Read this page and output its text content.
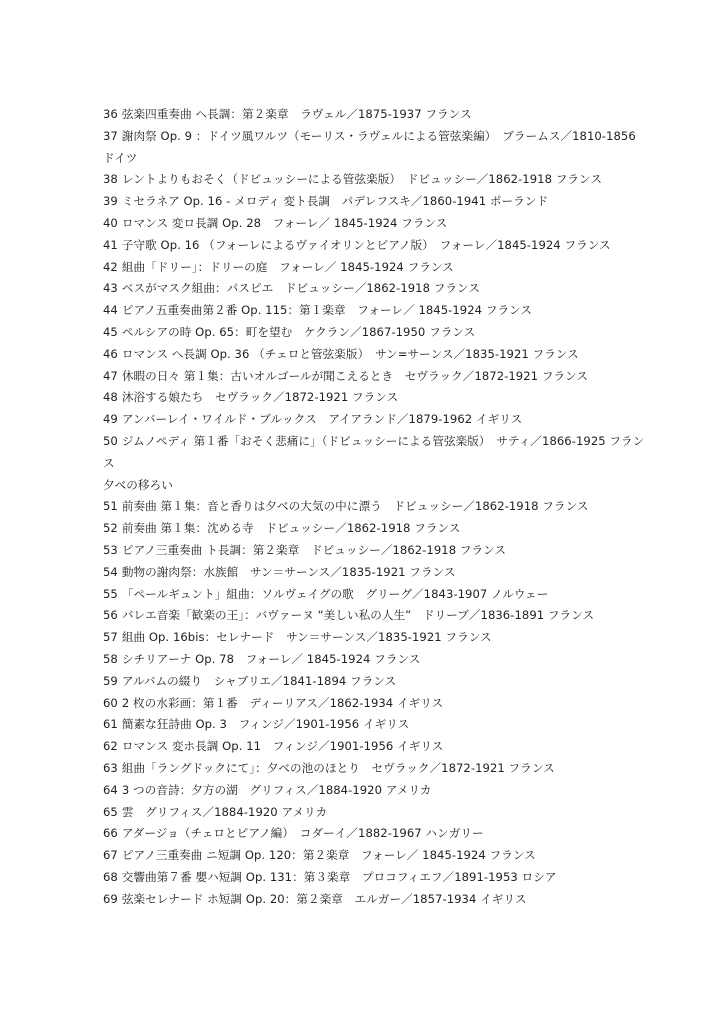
36 弦楽四重奏曲 へ長調：第２楽章　ラヴェル／1875-1937 フランス
37 謝肉祭 Op. 9 ：ドイツ風ワルツ（モーリス・ラヴェルによる管弦楽編）　ブラームス／1810-1856
ドイツ
38 レントよりもおそく（ドビュッシーによる管弦楽版）　ドビュッシー／1862-1918 フランス
39 ミセラネア Op. 16 - メロディ 変ト長調　パデレフスキ／1860-1941 ポーランド
40 ロマンス 変ロ長調 Op. 28　フォーレ／ 1845-1924 フランス
41 子守歌 Op. 16 （フォーレによるヴァイオリンとピアノ版）　フォーレ／1845-1924 フランス
42 組曲「ドリー」：ドリーの庭　フォーレ／ 1845-1924 フランス
43 ベスがマスク組曲：パスピエ　ドビュッシー／1862-1918 フランス
44 ピアノ五重奏曲第２番 Op. 115：第１楽章　フォーレ／ 1845-1924 フランス
45 ペルシアの時 Op. 65：町を望む　ケクラン／1867-1950 フランス
46 ロマンス へ長調 Op. 36 （チェロと管弦楽版）　サン=サーンス／1835-1921 フランス
47 休暇の日々 第１集：古いオルゴールが聞こえるとき　セヴラック／1872-1921 フランス
48 沐浴する娘たち　セヴラック／1872-1921 フランス
49 アンバーレイ・ワイルド・ブルックス　アイアランド／1879-1962 イギリス
50 ジムノペディ 第１番「おそく悲痛に」（ドビュッシーによる管弦楽版）　サティ／1866-1925 フラン
ス
夕べの移ろい
51 前奏曲 第１集：音と香りは夕べの大気の中に漂う　ドビュッシー／1862-1918 フランス
52 前奏曲 第１集：沈める寺　ドビュッシー／1862-1918 フランス
53 ピアノ三重奏曲 ト長調：第２楽章　ドビュッシー／1862-1918 フランス
54 動物の謝肉祭：水族館　サン＝サーンス／1835-1921 フランス
55 「ペールギュント」組曲：ソルヴェイグの歌　グリーグ／1843-1907 ノルウェー
56 バレエ音楽「歓楽の王」：バヴァーヌ “美しい私の人生”　ドリーブ／1836-1891 フランス
57 組曲 Op. 16bis：セレナード　サン＝サーンス／1835-1921 フランス
58 シチリアーナ Op. 78　フォーレ／ 1845-1924 フランス
59 アルバムの綴り　シャブリエ／1841-1894 フランス
60 2 枚の水彩画：第１番　ディーリアス／1862-1934 イギリス
61 簡素な狂詩曲 Op. 3　フィンジ／1901-1956 イギリス
62 ロマンス 変ホ長調 Op. 11　フィンジ／1901-1956 イギリス
63 組曲「ラングドックにて」：夕べの池のほとり　セヴラック／1872-1921 フランス
64 3 つの音詩：夕方の湖　グリフィス／1884-1920 アメリカ
65 雲　グリフィス／1884-1920 アメリカ
66 アダージョ（チェロとピアノ編）　コダーイ／1882-1967 ハンガリー
67 ピアノ三重奏曲 ニ短調 Op. 120：第２楽章　フォーレ／ 1845-1924 フランス
68 交響曲第７番 嬰ハ短調 Op. 131：第３楽章　プロコフィエフ／1891-1953 ロシア
69 弦楽セレナード ホ短調 Op. 20：第２楽章　エルガー／1857-1934 イギリス
